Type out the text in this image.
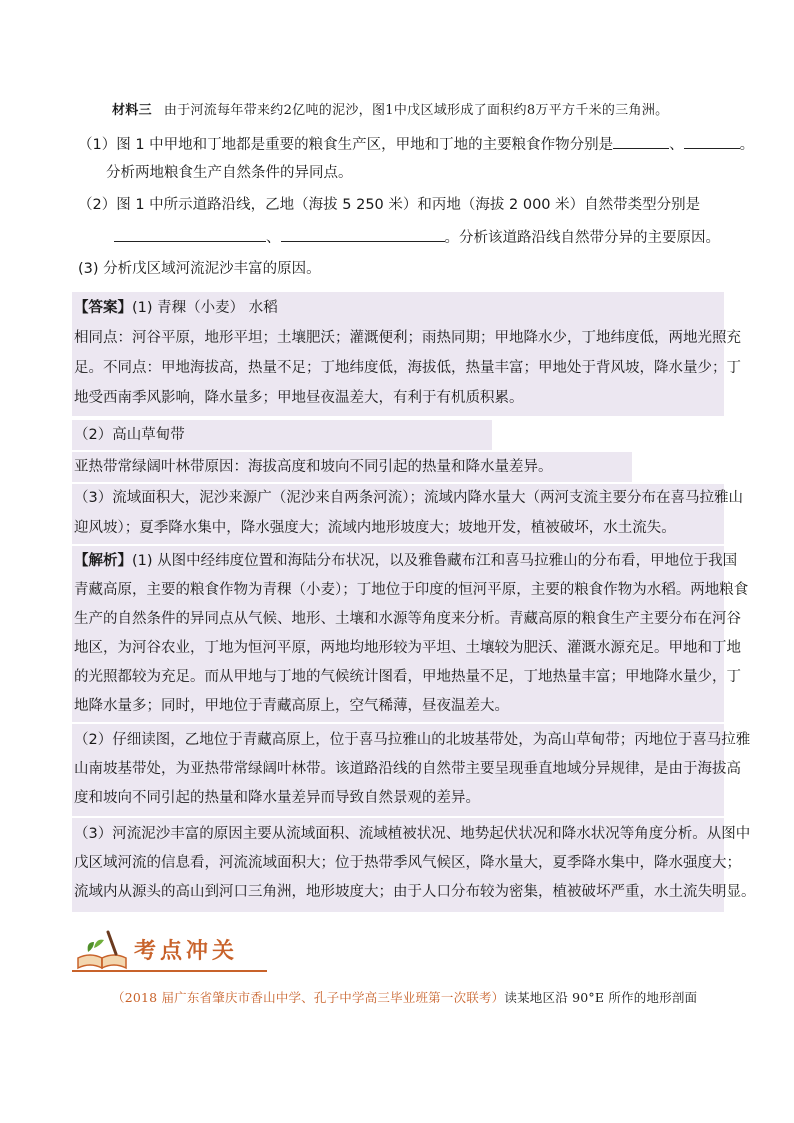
材料三 由于河流每年带来约2亿吨的泥沙，图1中戊区域形成了面积约8万平方千米的三角洲。
（1）图 1 中甲地和丁地都是重要的粮食生产区，甲地和丁地的主要粮食作物分别是	、	。
分析两地粮食生产自然条件的异同点。
（2）图 1 中所示道路沿线，乙地（海拔 5 250 米）和丙地（海拔 2 000 米）自然带类型分别是
、	。分析该道路沿线自然带分异的主要原因。
(3) 分析戊区域河流泥沙丰富的原因。
【答案】(1) 青稞（小麦） 水稻
相同点：河谷平原，地形平坦；土壤肥沃；灌溉便利；雨热同期；甲地降水少，丁地纬度低，两地光照充
足。不同点：甲地海拔高，热量不足；丁地纬度低，海拔低，热量丰富；甲地处于背风坡，降水量少；丁
地受西南季风影响，降水量多；甲地昼夜温差大，有利于有机质积累。
（2）高山草甸带
亚热带常绿阔叶林带原因：海拔高度和坡向不同引起的热量和降水量差异。
（3）流域面积大，泥沙来源广（泥沙来自两条河流）；流域内降水量大（两河支流主要分布在喜马拉雅山
迎风坡）；夏季降水集中，降水强度大；流域内地形坡度大；坡地开发，植被破坏，水土流失。
【解析】(1) 从图中经纬度位置和海陆分布状况，以及雅鲁藏布江和喜马拉雅山的分布看，甲地位于我国
青藏高原，主要的粮食作物为青稞（小麦）；丁地位于印度的恒河平原，主要的粮食作物为水稻。两地粮食
生产的自然条件的异同点从气候、地形、土壤和水源等角度来分析。青藏高原的粮食生产主要分布在河谷
地区，为河谷农业，丁地为恒河平原，两地均地形较为平坦、土壤较为肥沃、灌溉水源充足。甲地和丁地
的光照都较为充足。而从甲地与丁地的气候统计图看，甲地热量不足，丁地热量丰富；甲地降水量少，丁
地降水量多；同时，甲地位于青藏高原上，空气稀薄，昼夜温差大。
（2）仔细读图，乙地位于青藏高原上，位于喜马拉雅山的北坡基带处，为高山草甸带；丙地位于喜马拉雅
山南坡基带处，为亚热带常绿阔叶林带。该道路沿线的自然带主要呈现垂直地域分异规律，是由于海拔高
度和坡向不同引起的热量和降水量差异而导致自然景观的差异。
（3）河流泥沙丰富的原因主要从流域面积、流域植被状况、地势起伏状况和降水状况等角度分析。从图中
戊区域河流的信息看，河流流域面积大；位于热带季风气候区，降水量大，夏季降水集中，降水强度大；
流域内从源头的高山到河口三角洲，地形坡度大；由于人口分布较为密集，植被破坏严重，水土流失明显。
考点冲关
（2018 届广东省肇庆市香山中学、孔子中学高三毕业班第一次联考）读某地区沿 90°E 所作的地形剖面
